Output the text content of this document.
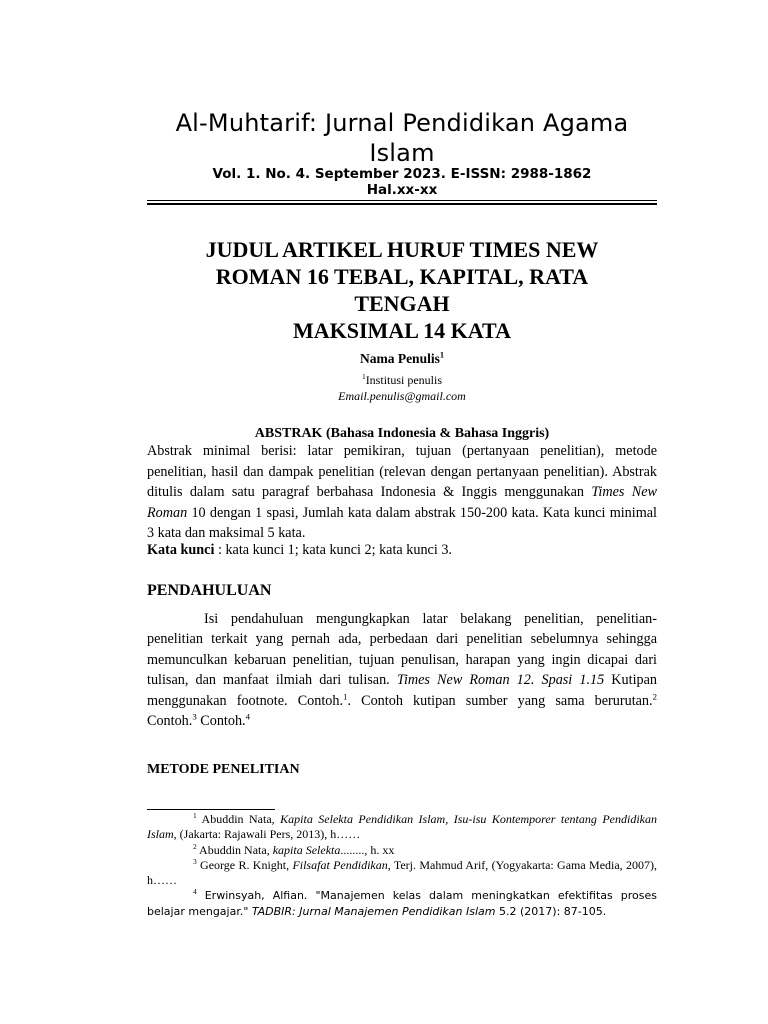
Al-Muhtarif: Jurnal Pendidikan Agama Islam
Vol. 1. No. 4. September 2023. E-ISSN: 2988-1862
Hal.xx-xx
JUDUL ARTIKEL HURUF TIMES NEW
ROMAN 16 TEBAL, KAPITAL, RATA
TENGAH
MAKSIMAL 14 KATA
Nama Penulis$^1$
$^1$Institusi penulis
Email.penulis@gmail.com
ABSTRAK (Bahasa Indonesia & Bahasa Inggris)

Abstrak minimal berisi: latar pemikiran, tujuan (pertanyaan penelitian), metode penelitian, hasil dan dampak penelitian (relevan dengan pertanyaan penelitian). Abstrak ditulis dalam satu paragraf berbahasa Indonesia & Inggis menggunakan Times New Roman 10 dengan 1 spasi, Jumlah kata dalam abstrak 150-200 kata. Kata kunci minimal 3 kata dan maksimal 5 kata.

Kata kunci : kata kunci 1; kata kunci 2; kata kunci 3.
PENDAHULUAN

Isi pendahuluan mengungkapkan latar belakang penelitian, penelitian-penelitian terkait yang pernah ada, perbedaan dari penelitian sebelumnya sehingga memunculkan kebaruan penelitian, tujuan penulisan, harapan yang ingin dicapai dari tulisan, dan manfaat ilmiah dari tulisan. Times New Roman 12. Spasi 1.15 Kutipan menggunakan footnote. Contoh.$^1$. Contoh kutipan sumber yang sama berurutan.$^2$ Contoh.$^3$ Contoh.$^4$

METODE PENELITIAN

$^1$ Abuddin Nata, Kapita Selekta Pendidikan Islam, Isu-isu Kontemporer tentang Pendidikan Islam, (Jakarta: Rajawali Pers, 2013), h……

$^2$ Abuddin Nata, kapita Selekta........, h. xx

$^3$ George R. Knight, Filsafat Pendidikan, Terj. Mahmud Arif, (Yogyakarta: Gama Media, 2007), h……

$^4$ Erwinsyah, Alfian. "Manajemen kelas dalam meningkatkan efektifitas proses belajar mengajar." TADBIR: Jurnal Manajemen Pendidikan Islam 5.2 (2017): 87-105.
